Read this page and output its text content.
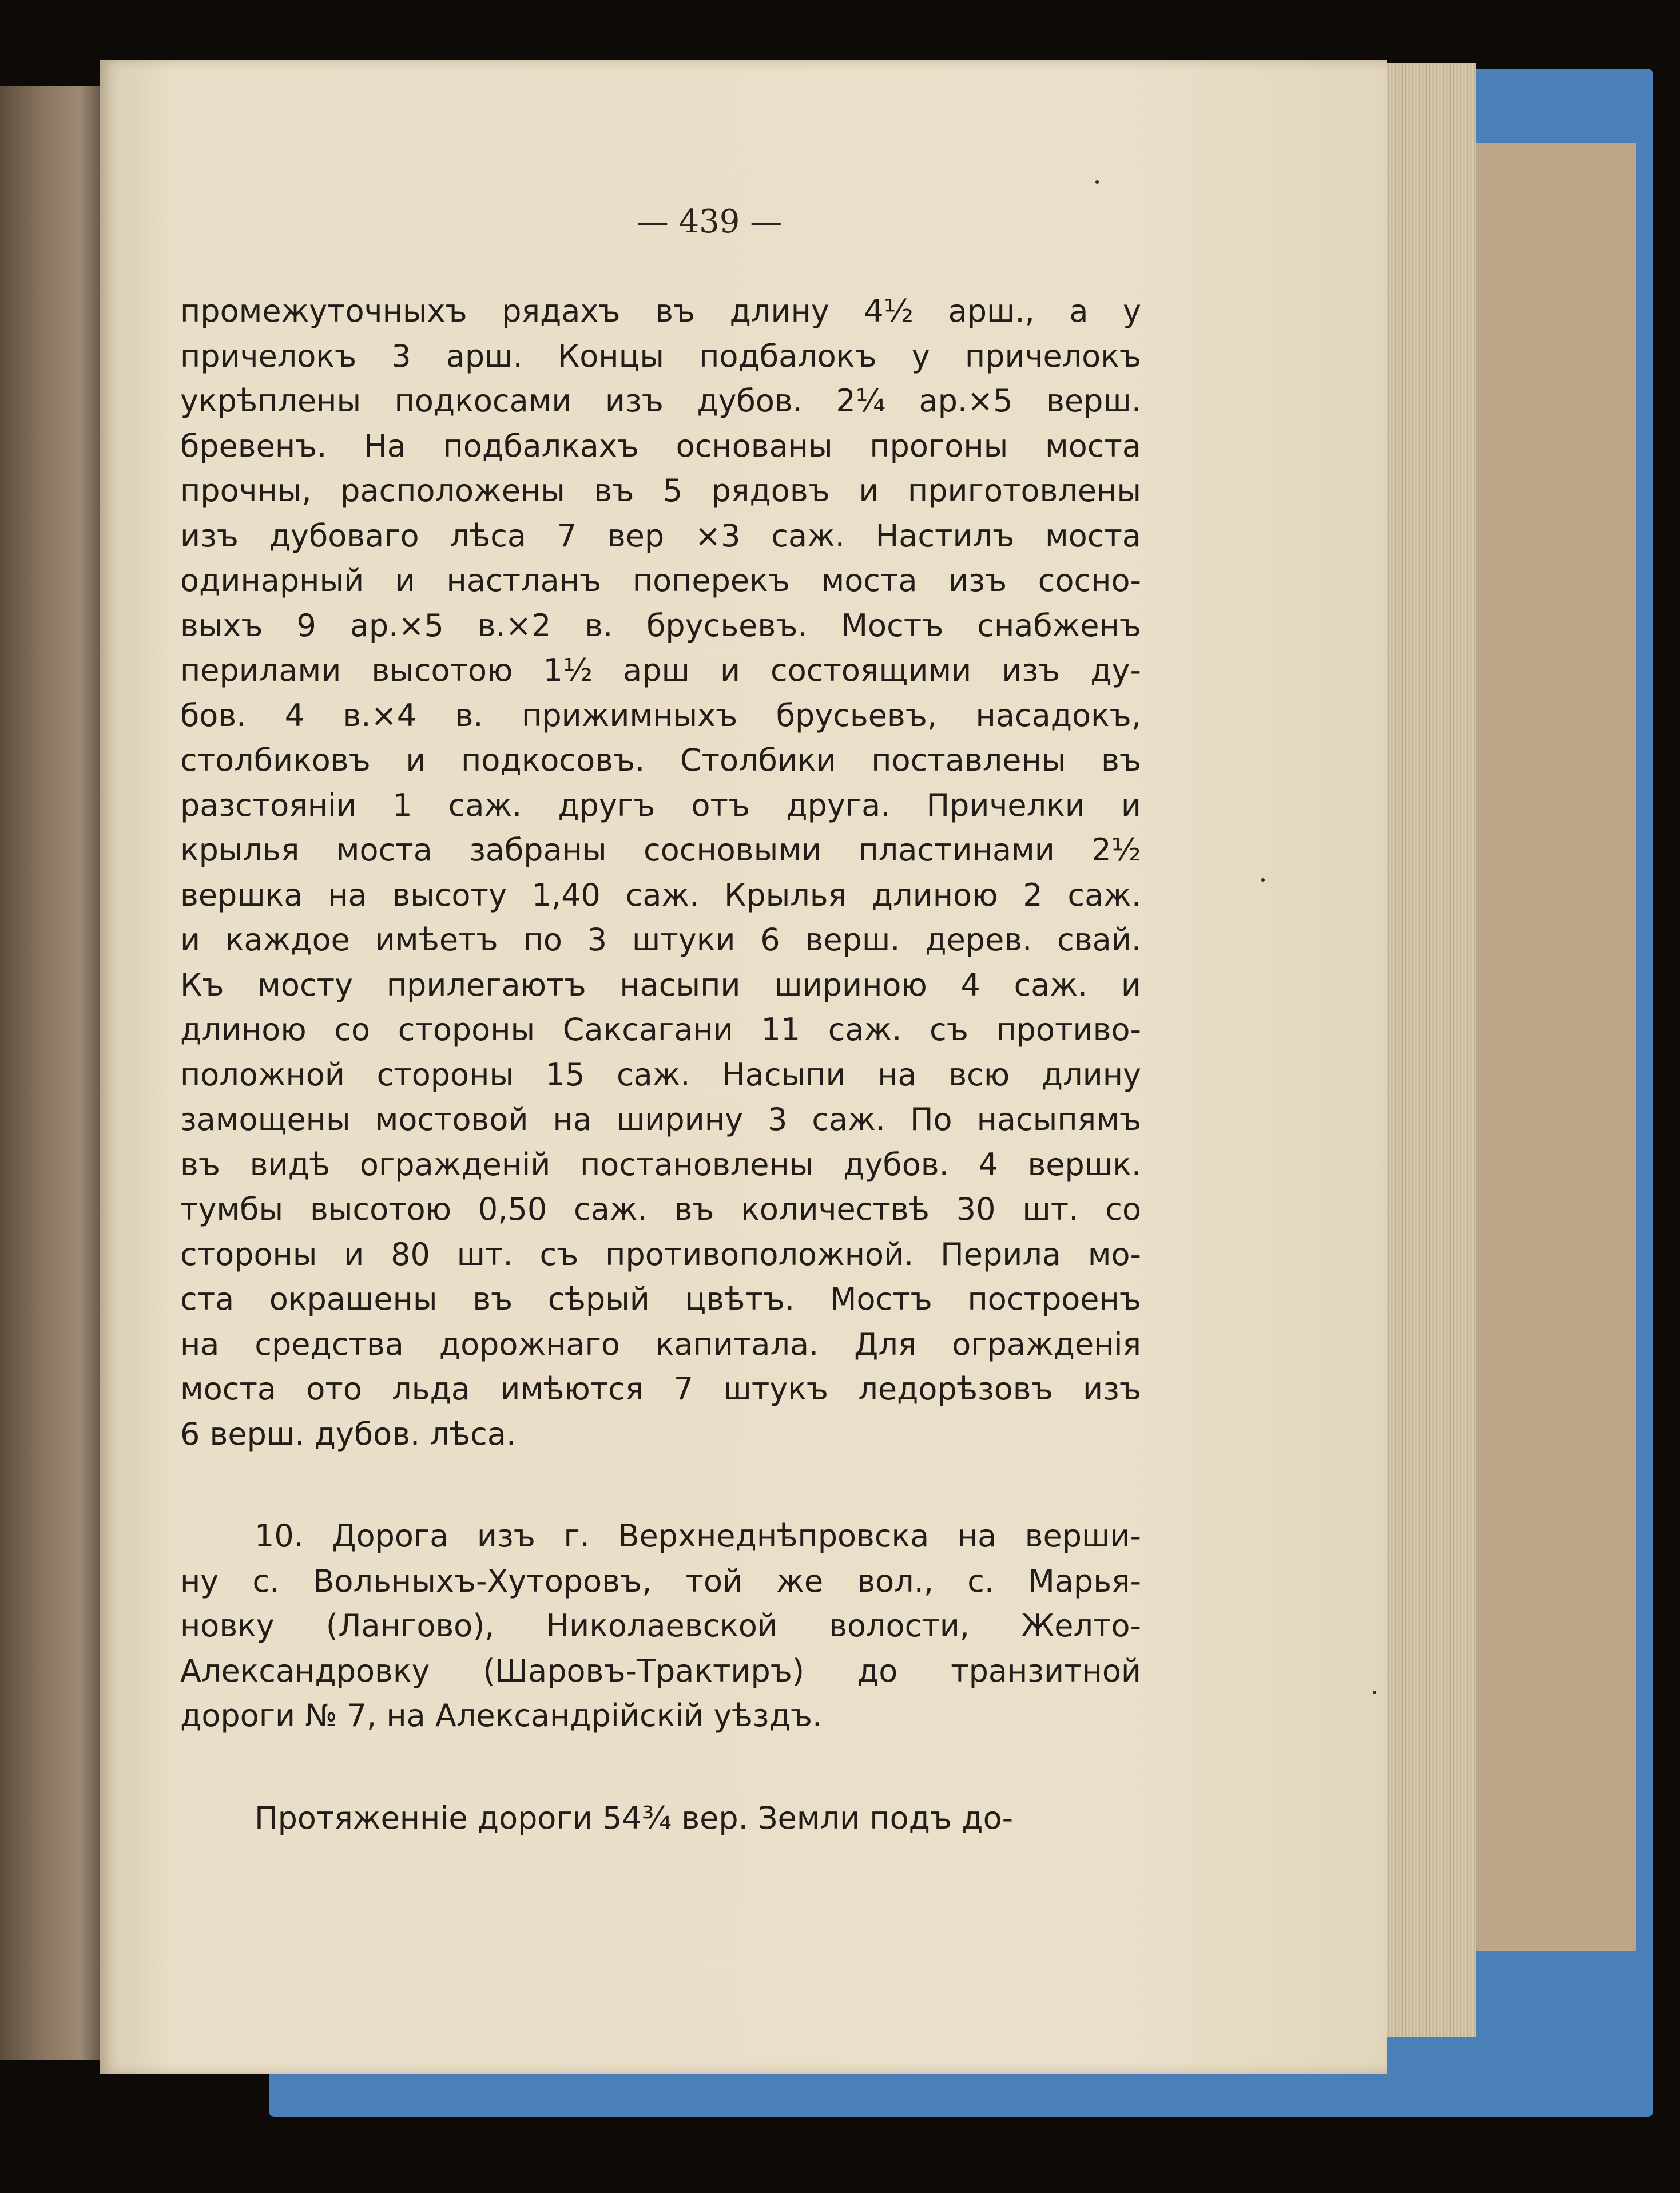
— 439 —
промежуточныхъ рядахъ въ длину 4½ арш., а у
причелокъ 3 арш. Концы подбалокъ у причелокъ
укрѣплены подкосами изъ дубов. 2¼ ар.×5 верш.
бревенъ. На подбалкахъ основаны прогоны моста
прочны, расположены въ 5 рядовъ и приготовлены
изъ дубоваго лѣса 7 вер ×3 саж. Настилъ моста
одинарный и настланъ поперекъ моста изъ сосно-
выхъ 9 ар.×5 в.×2 в. брусьевъ. Мостъ снабженъ
перилами высотою 1½ арш и состоящими изъ ду-
бов. 4 в.×4 в. прижимныхъ брусьевъ, насадокъ,
столбиковъ и подкосовъ. Столбики поставлены въ
разстояніи 1 саж. другъ отъ друга. Причелки и
крылья моста забраны сосновыми пластинами 2½
вершка на высоту 1,40 саж. Крылья длиною 2 саж.
и каждое имѣетъ по 3 штуки 6 верш. дерев. свай.
Къ мосту прилегаютъ насыпи шириною 4 саж. и
длиною со стороны Саксагани 11 саж. съ противо-
положной стороны 15 саж. Насыпи на всю длину
замощены мостовой на ширину 3 саж. По насыпямъ
въ видѣ огражденій постановлены дубов. 4 вершк.
тумбы высотою 0,50 саж. въ количествѣ 30 шт. со
стороны и 80 шт. съ противоположной. Перила мо-
ста окрашены въ сѣрый цвѣтъ. Мостъ построенъ
на средства дорожнаго капитала. Для огражденія
моста ото льда имѣются 7 штукъ ледорѣзовъ изъ
6 верш. дубов. лѣса.
10. Дорога изъ г. Верхнеднѣпровска на верши-
ну с. Вольныхъ-Хуторовъ, той же вол., с. Марья-
новку (Лангово), Николаевской волости, Желто-
Александровку (Шаровъ-Трактиръ) до транзитной
дороги № 7, на Александрійскій уѣздъ.
Протяженніе дороги 54¾ вер. Земли подъ до-
